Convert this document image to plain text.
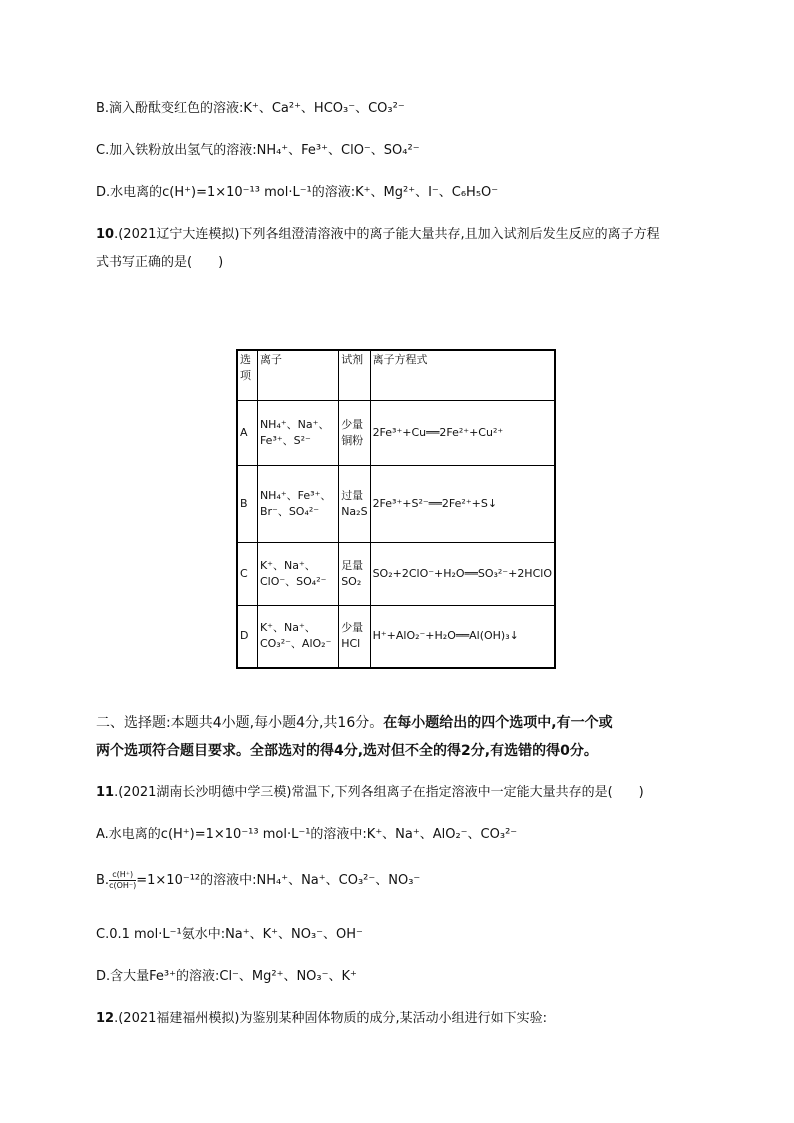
B.滴入酚酞变红色的溶液:K⁺、Ca²⁺、HCO₃⁻、CO₃²⁻
C.加入铁粉放出氢气的溶液:NH₄⁺、Fe³⁺、ClO⁻、SO₄²⁻
D.水电离的c(H⁺)=1×10⁻¹³ mol·L⁻¹的溶液:K⁺、Mg²⁺、I⁻、C₆H₅O⁻
10.(2021辽宁大连模拟)下列各组澄清溶液中的离子能大量共存,且加入试剂后发生反应的离子方程
式书写正确的是(　　)
选项	离子	试剂	离子方程式
A	NH₄⁺、Na⁺、Fe³⁺、S²⁻	少量铜粉	2Fe³⁺+Cu══2Fe²⁺+Cu²⁺
B	NH₄⁺、Fe³⁺、Br⁻、SO₄²⁻	过量Na₂S	2Fe³⁺+S²⁻══2Fe²⁺+S↓
C	K⁺、Na⁺、ClO⁻、SO₄²⁻	足量SO₂	SO₂+2ClO⁻+H₂O══SO₃²⁻+2HClO
D	K⁺、Na⁺、CO₃²⁻、AlO₂⁻	少量HCl	H⁺+AlO₂⁻+H₂O══Al(OH)₃↓
二、选择题:本题共4小题,每小题4分,共16分。在每小题给出的四个选项中,有一个或
两个选项符合题目要求。全部选对的得4分,选对但不全的得2分,有选错的得0分。
11.(2021湖南长沙明德中学三模)常温下,下列各组离子在指定溶液中一定能大量共存的是(　　)
A.水电离的c(H⁺)=1×10⁻¹³ mol·L⁻¹的溶液中:K⁺、Na⁺、AlO₂⁻、CO₃²⁻
B. $\frac{c(H^+)}{c(OH^-)} =1\times 10^{-12}$的溶液中:NH₄⁺、Na⁺、CO₃²⁻、NO₃⁻
C.0.1 mol·L⁻¹氨水中:Na⁺、K⁺、NO₃⁻、OH⁻
D.含大量Fe³⁺的溶液:Cl⁻、Mg²⁺、NO₃⁻、K⁺
12.(2021福建福州模拟)为鉴别某种固体物质的成分,某活动小组进行如下实验:
